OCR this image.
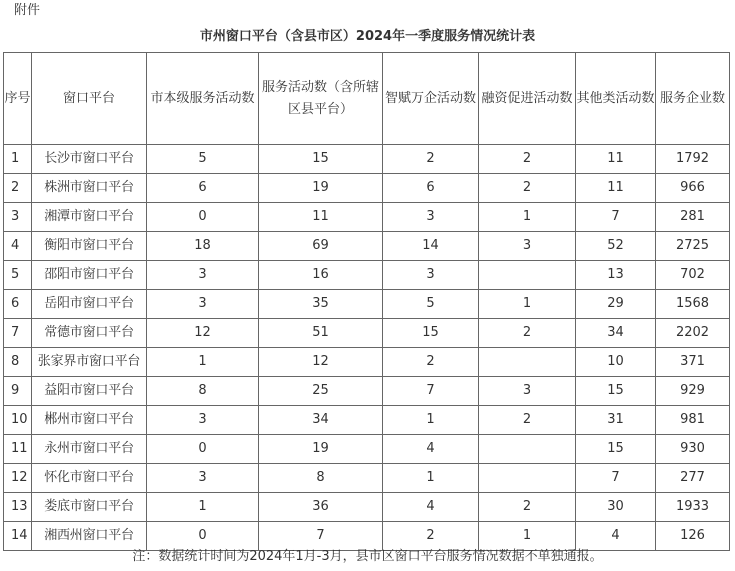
附件
市州窗口平台（含县市区）2024年一季度服务情况统计表
序号	窗口平台	市本级服务活动数	服务活动数（含所辖区县平台）	智赋万企活动数	融资促进活动数	其他类活动数	服务企业数
1	长沙市窗口平台	5	15	2	2	11	1792
2	株洲市窗口平台	6	19	6	2	11	966
3	湘潭市窗口平台	0	11	3	1	7	281
4	衡阳市窗口平台	18	69	14	3	52	2725
5	邵阳市窗口平台	3	16	3		13	702
6	岳阳市窗口平台	3	35	5	1	29	1568
7	常德市窗口平台	12	51	15	2	34	2202
8	张家界市窗口平台	1	12	2		10	371
9	益阳市窗口平台	8	25	7	3	15	929
10	郴州市窗口平台	3	34	1	2	31	981
11	永州市窗口平台	0	19	4		15	930
12	怀化市窗口平台	3	8	1		7	277
13	娄底市窗口平台	1	36	4	2	30	1933
14	湘西州窗口平台	0	7	2	1	4	126
注：数据统计时间为2024年1月-3月，县市区窗口平台服务情况数据不单独通报。
